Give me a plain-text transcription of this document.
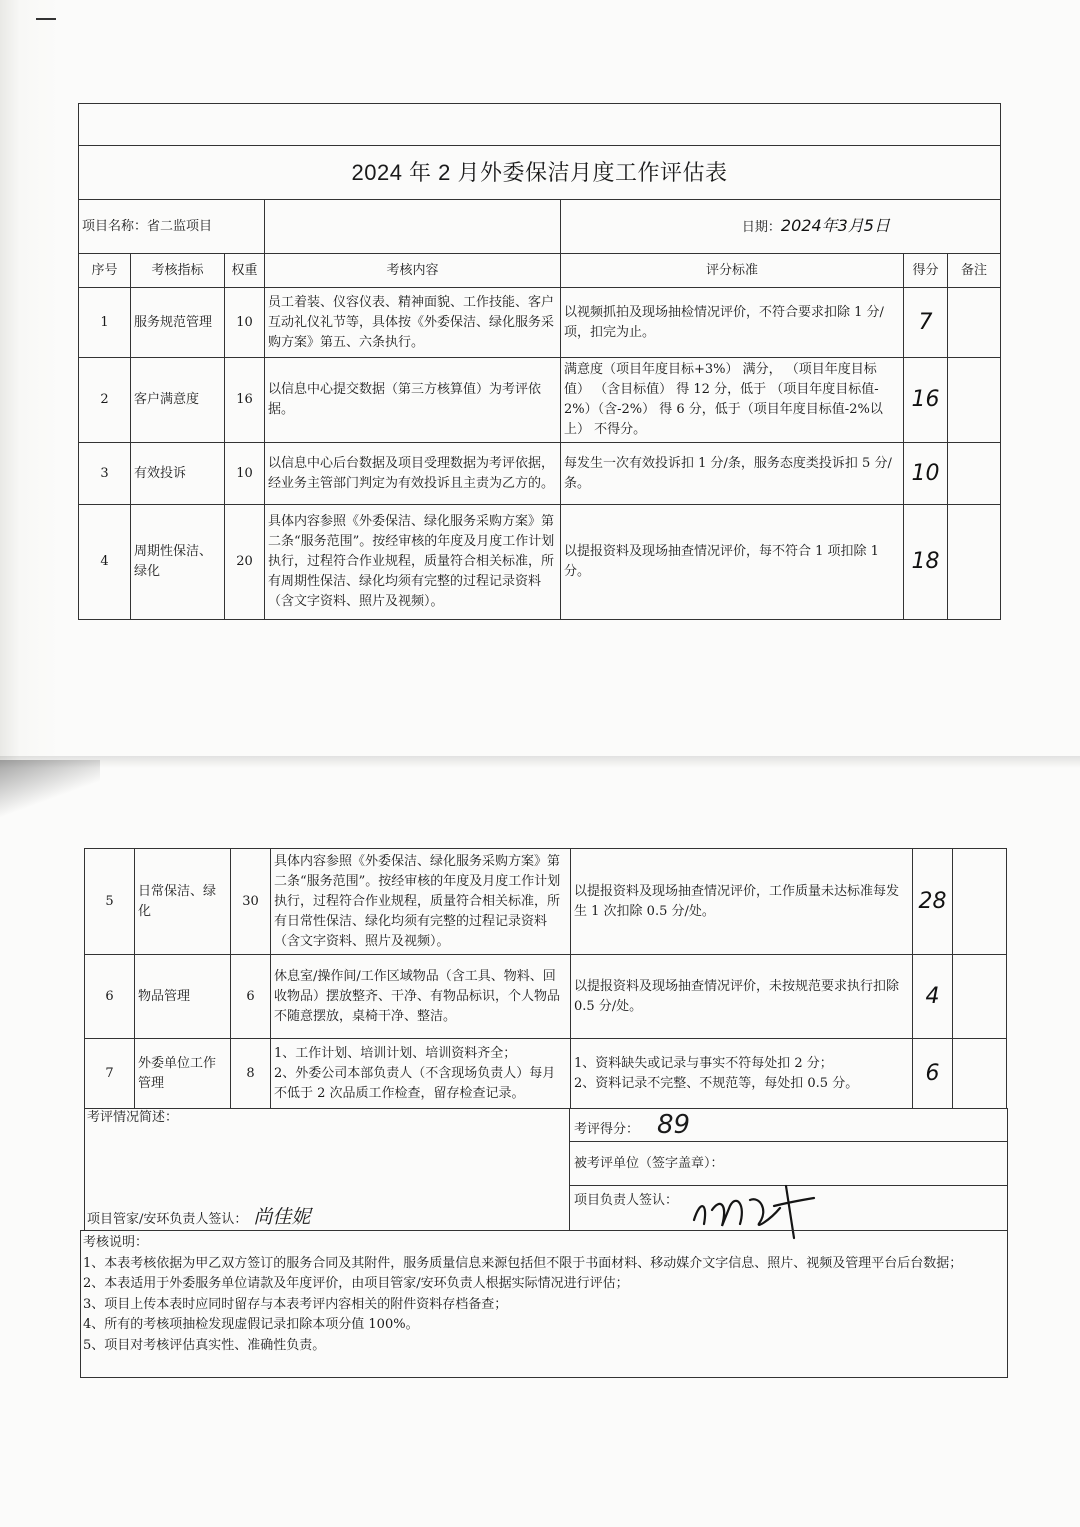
2024 年 2 月外委保洁月度工作评估表						
项目名称：省二监项目				日期：2024年3月5日		
序号	考核指标	权重	考核内容	评分标准	得分	备注
1	服务规范管理	10	员工着装、仪容仪表、精神面貌、工作技能、客户互动礼仪礼节等，具体按《外委保洁、绿化服务采购方案》第五、六条执行。	以视频抓拍及现场抽检情况评价，不符合要求扣除 1 分/项，扣完为止。	7	
2	客户满意度	16	以信息中心提交数据（第三方核算值）为考评依据。	满意度（项目年度目标+3%） 满分， （项目年度目标值） （含目标值） 得 12 分，低于 （项目年度目标值-2%）（含-2%） 得 6 分，低于（项目年度目标值-2%以上） 不得分。	16	
3	有效投诉	10	以信息中心后台数据及项目受理数据为考评依据，经业务主管部门判定为有效投诉且主责为乙方的。	每发生一次有效投诉扣 1 分/条，服务态度类投诉扣 5 分/条。	10	
4	周期性保洁、绿化	20	具体内容参照《外委保洁、绿化服务采购方案》第二条“服务范围”。按经审核的年度及月度工作计划执行，过程符合作业规程，质量符合相关标准，所有周期性保洁、绿化均须有完整的过程记录资料（含文字资料、照片及视频）。	以提报资料及现场抽查情况评价，每不符合 1 项扣除 1 分。	18	
5	日常保洁、绿化	30	具体内容参照《外委保洁、绿化服务采购方案》第二条“服务范围”。按经审核的年度及月度工作计划执行，过程符合作业规程，质量符合相关标准，所有日常性保洁、绿化均须有完整的过程记录资料（含文字资料、照片及视频）。	以提报资料及现场抽查情况评价，工作质量未达标准每发生 1 次扣除 0.5 分/处。	28	
6	物品管理	6	休息室/操作间/工作区域物品（含工具、物料、回收物品）摆放整齐、干净、有物品标识，个人物品不随意摆放，桌椅干净、整洁。	以提报资料及现场抽查情况评价，未按规范要求执行扣除 0.5 分/处。	4	
7	外委单位工作管理	8	1、工作计划、培训计划、培训资料齐全；
2、外委公司本部负责人（不含现场负责人）每月不低于 2 次品质工作检查，留存检查记录。	1、资料缺失或记录与事实不符每处扣 2 分；
2、资料记录不完整、不规范等，每处扣 0.5 分。	6	
考评情况简述：
项目管家/安环负责人签认： 尚佳妮
考评得分： 89
被考评单位（签字盖章）：
项目负责人签认：
考核说明：
1、本表考核依据为甲乙双方签订的服务合同及其附件，服务质量信息来源包括但不限于书面材料、移动媒介文字信息、照片、视频及管理平台后台数据；
2、本表适用于外委服务单位请款及年度评价，由项目管家/安环负责人根据实际情况进行评估；
3、项目上传本表时应同时留存与本表考评内容相关的附件资料存档备查；
4、所有的考核项抽检发现虚假记录扣除本项分值 100%。
5、项目对考核评估真实性、准确性负责。
